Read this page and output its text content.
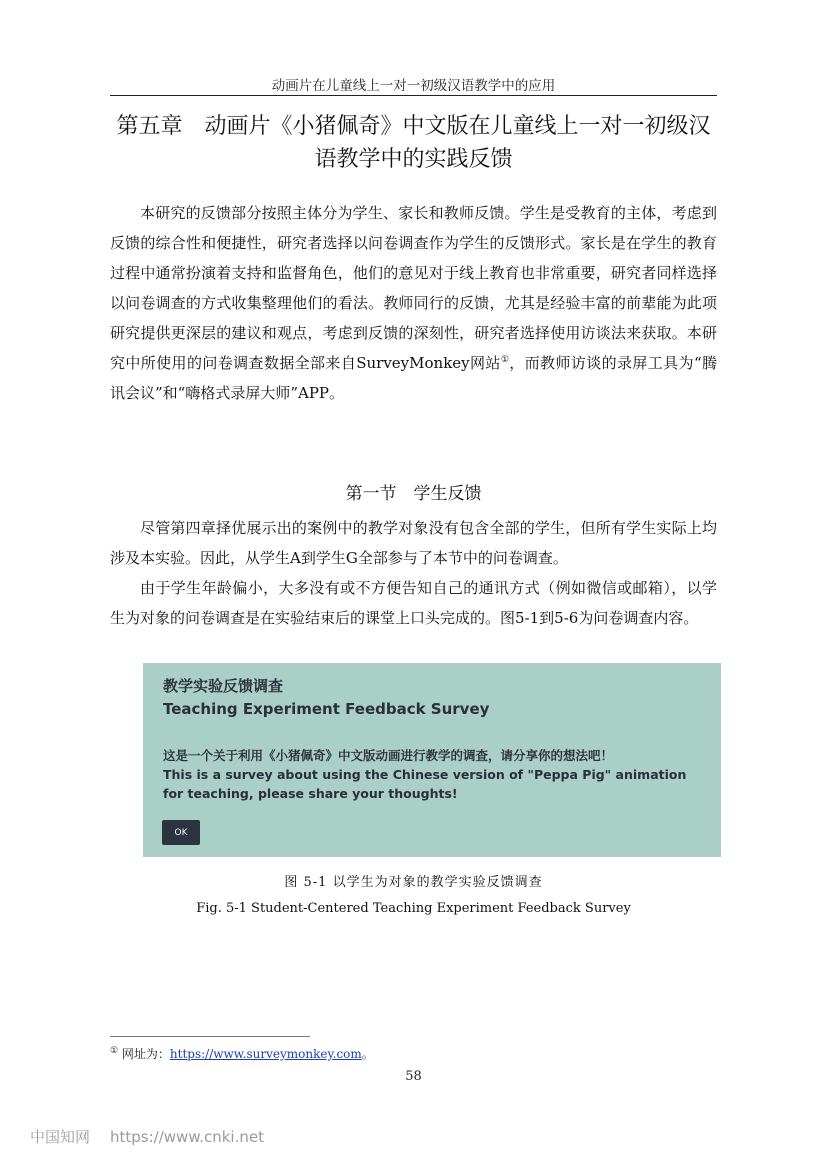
动画片在儿童线上一对一初级汉语教学中的应用
第五章　动画片《小猪佩奇》中文版在儿童线上一对一初级汉
语教学中的实践反馈

本研究的反馈部分按照主体分为学生、家长和教师反馈。学生是受教育的主体，考虑到反馈的综合性和便捷性，研究者选择以问卷调查作为学生的反馈形式。家长是在学生的教育过程中通常扮演着支持和监督角色，他们的意见对于线上教育也非常重要，研究者同样选择以问卷调查的方式收集整理他们的看法。教师同行的反馈，尤其是经验丰富的前辈能为此项研究提供更深层的建议和观点，考虑到反馈的深刻性，研究者选择使用访谈法来获取。本研究中所使用的问卷调查数据全部来自SurveyMonkey网站①，而教师访谈的录屏工具为“腾讯会议”和“嗨格式录屏大师”APP。

第一节　学生反馈

尽管第四章择优展示出的案例中的教学对象没有包含全部的学生，但所有学生实际上均涉及本实验。因此，从学生A到学生G全部参与了本节中的问卷调查。

由于学生年龄偏小，大多没有或不方便告知自己的通讯方式（例如微信或邮箱），以学生为对象的问卷调查是在实验结束后的课堂上口头完成的。图5-1到5-6为问卷调查内容。

教学实验反馈调查
Teaching Experiment Feedback Survey
这是一个关于利用《小猪佩奇》中文版动画进行教学的调查，请分享你的想法吧！
This is a survey about using the Chinese version of "Peppa Pig" animation for teaching, please share your thoughts!
OK
图 5-1 以学生为对象的教学实验反馈调查
Fig. 5-1 Student-Centered Teaching Experiment Feedback Survey
① 网址为：https://www.surveymonkey.com。
58
中国知网 https://www.cnki.net
